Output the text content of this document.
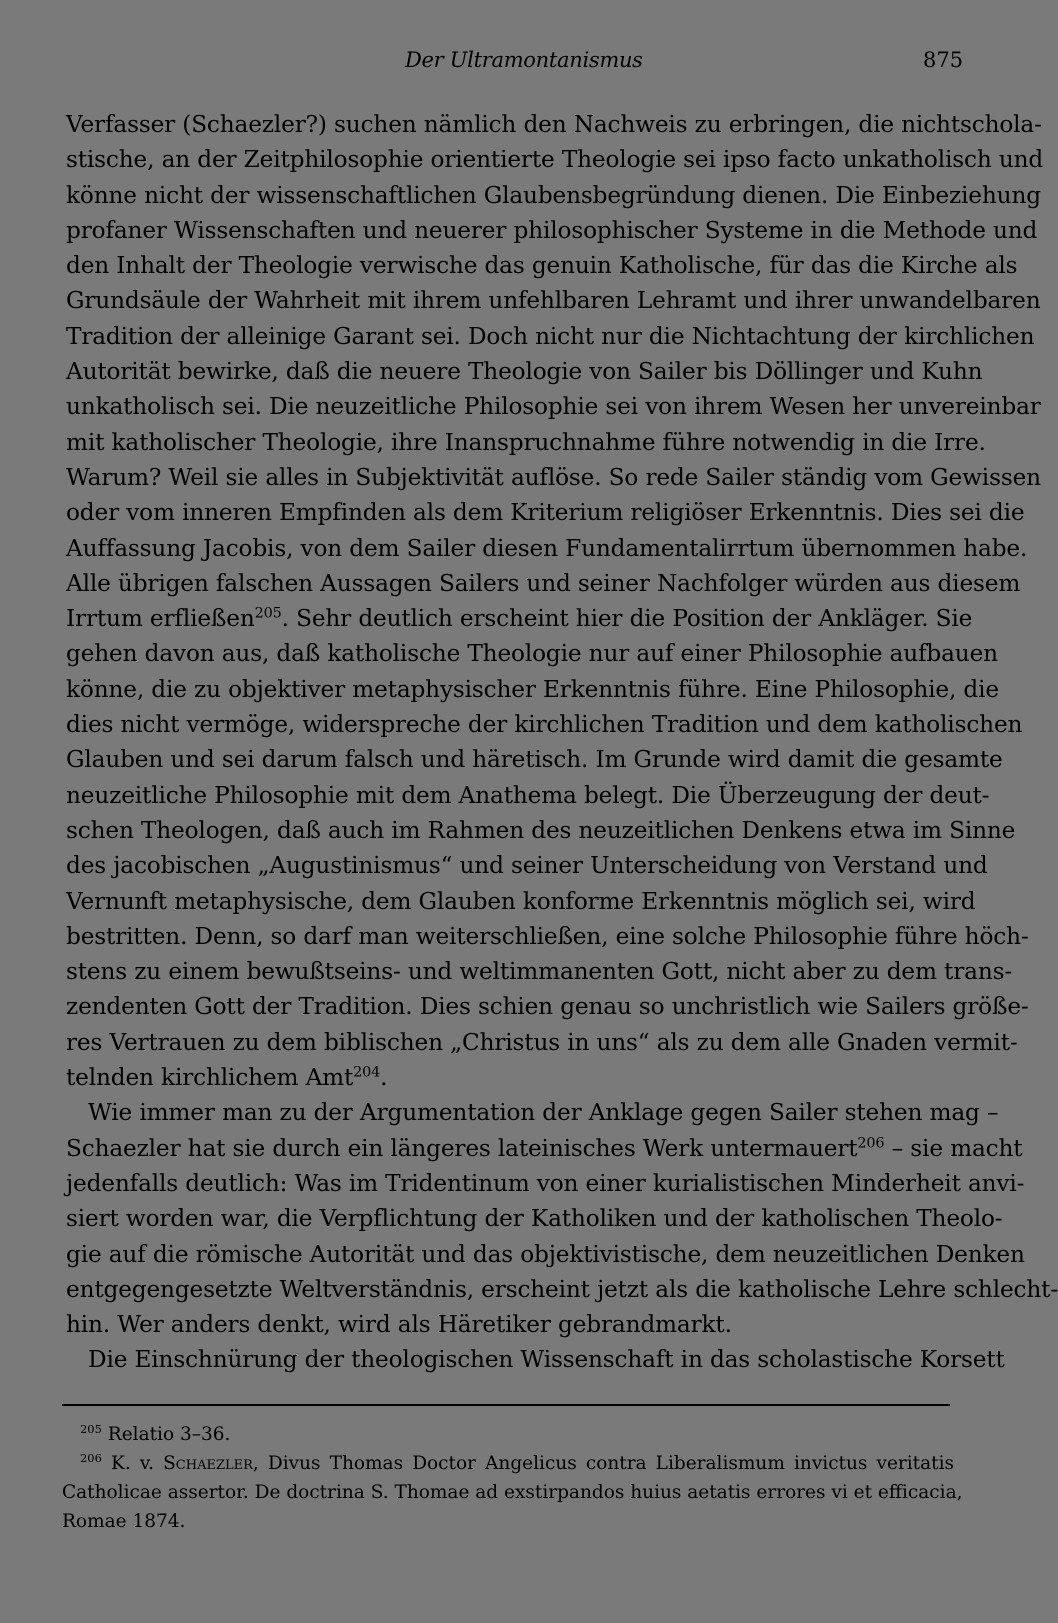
Der Ultramontanismus	875
Verfasser (Schaezler?) suchen nämlich den Nachweis zu erbringen, die nichtschola-
stische, an der Zeitphilosophie orientierte Theologie sei ipso facto unkatholisch und
könne nicht der wissenschaftlichen Glaubensbegründung dienen. Die Einbeziehung
profaner Wissenschaften und neuerer philosophischer Systeme in die Methode und
den Inhalt der Theologie verwische das genuin Katholische, für das die Kirche als
Grundsäule der Wahrheit mit ihrem unfehlbaren Lehramt und ihrer unwandelbaren
Tradition der alleinige Garant sei. Doch nicht nur die Nichtachtung der kirchlichen
Autorität bewirke, daß die neuere Theologie von Sailer bis Döllinger und Kuhn
unkatholisch sei. Die neuzeitliche Philosophie sei von ihrem Wesen her unvereinbar
mit katholischer Theologie, ihre Inanspruchnahme führe notwendig in die Irre.
Warum? Weil sie alles in Subjektivität auflöse. So rede Sailer ständig vom Gewissen
oder vom inneren Empfinden als dem Kriterium religiöser Erkenntnis. Dies sei die
Auffassung Jacobis, von dem Sailer diesen Fundamentalirrtum übernommen habe.
Alle übrigen falschen Aussagen Sailers und seiner Nachfolger würden aus diesem
Irrtum erfließen$^{205}$. Sehr deutlich erscheint hier die Position der Ankläger. Sie
gehen davon aus, daß katholische Theologie nur auf einer Philosophie aufbauen
könne, die zu objektiver metaphysischer Erkenntnis führe. Eine Philosophie, die
dies nicht vermöge, widerspreche der kirchlichen Tradition und dem katholischen
Glauben und sei darum falsch und häretisch. Im Grunde wird damit die gesamte
neuzeitliche Philosophie mit dem Anathema belegt. Die Überzeugung der deut-
schen Theologen, daß auch im Rahmen des neuzeitlichen Denkens etwa im Sinne
des jacobischen „Augustinismus“ und seiner Unterscheidung von Verstand und
Vernunft metaphysische, dem Glauben konforme Erkenntnis möglich sei, wird
bestritten. Denn, so darf man weiterschließen, eine solche Philosophie führe höch-
stens zu einem bewußtseins- und weltimmanenten Gott, nicht aber zu dem trans-
zendenten Gott der Tradition. Dies schien genau so unchristlich wie Sailers größe-
res Vertrauen zu dem biblischen „Christus in uns“ als zu dem alle Gnaden vermit-
telnden kirchlichem Amt$^{204}$.
Wie immer man zu der Argumentation der Anklage gegen Sailer stehen mag –
Schaezler hat sie durch ein längeres lateinisches Werk untermauert$^{206}$ – sie macht
jedenfalls deutlich: Was im Tridentinum von einer kurialistischen Minderheit anvi-
siert worden war, die Verpflichtung der Katholiken und der katholischen Theolo-
gie auf die römische Autorität und das objektivistische, dem neuzeitlichen Denken
entgegengesetzte Weltverständnis, erscheint jetzt als die katholische Lehre schlecht-
hin. Wer anders denkt, wird als Häretiker gebrandmarkt.
Die Einschnürung der theologischen Wissenschaft in das scholastische Korsett
$^{205}$ Relatio 3–36.
$^{206}$ K. v. Schaezler, Divus Thomas Doctor Angelicus contra Liberalismum invictus veritatis
Catholicae assertor. De doctrina S. Thomae ad exstirpandos huius aetatis errores vi et efficacia,
Romae 1874.
